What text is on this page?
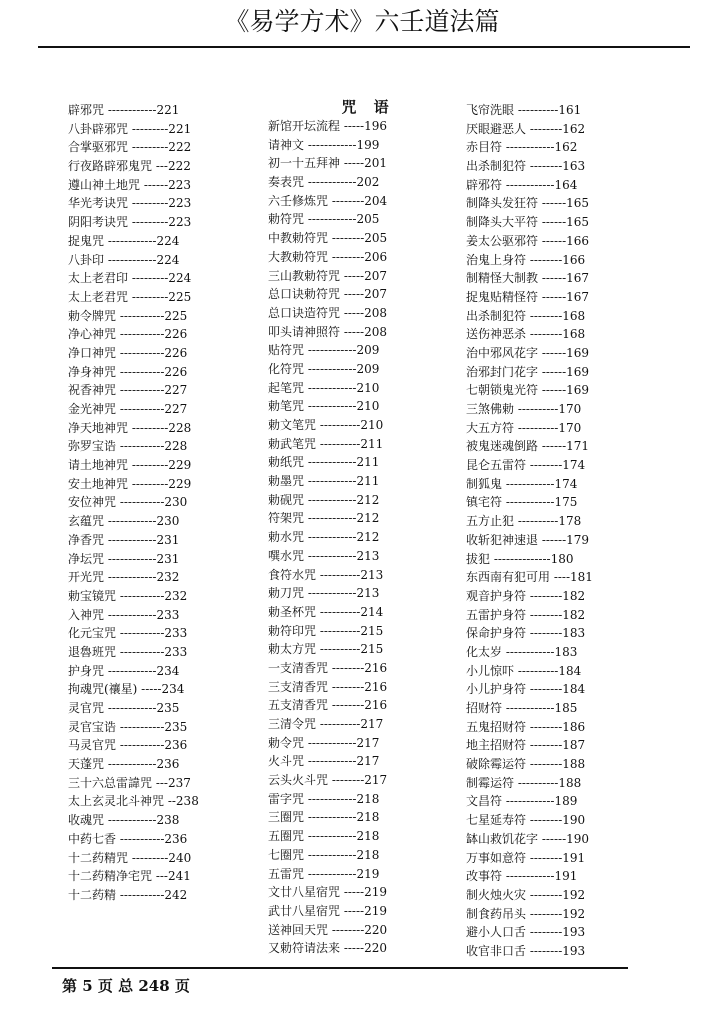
《易学方术》六壬道法篇
辟邪咒 ------------221
八卦辟邪咒 ---------221
合掌驱邪咒 ---------222
行夜路辟邪鬼咒 ---222
遵山神土地咒 ------223
华光考诀咒 ---------223
阴阳考诀咒 ---------223
捉鬼咒 ------------224
八卦印 ------------224
太上老君印 ---------224
太上老君咒 ---------225
勅令牌咒 -----------225
净心神咒 -----------226
净口神咒 -----------226
净身神咒 -----------226
祝香神咒 -----------227
金光神咒 -----------227
净天地神咒 ---------228
弥罗宝诰 -----------228
请土地神咒 ---------229
安土地神咒 ---------229
安位神咒 -----------230
玄蕴咒 ------------230
净香咒 ------------231
净坛咒 ------------231
开光咒 ------------232
勅宝镜咒 -----------232
入神咒 ------------233
化元宝咒 -----------233
退魯班咒 -----------233
护身咒 ------------234
拘魂咒(禳星) -----234
灵官咒 ------------235
灵官宝诰 -----------235
马灵官咒 -----------236
天蓬咒 ------------236
三十六总雷諱咒 ---237
太上玄灵北斗神咒 --238
收魂咒 ------------238
中药七香 -----------236
十二药精咒 ---------240
十二药精净宅咒 ---241
十二药精 -----------242
咒 语
新馆开坛流程 -----196
请神文 ------------199
初一十五拜神 -----201
奏表咒 ------------202
六壬修炼咒 --------204
勅符咒 ------------205
中教勅符咒 --------205
大教勅符咒 --------206
三山教勅符咒 -----207
总口诀勅符咒 -----207
总口诀造符咒 -----208
叩头请神照符 -----208
贴符咒 ------------209
化符咒 ------------209
起笔咒 ------------210
勅笔咒 ------------210
勅文笔咒 ----------210
勅武笔咒 ----------211
勅纸咒 ------------211
勅墨咒 ------------211
勅砚咒 ------------212
符架咒 ------------212
勅水咒 ------------212
噀水咒 ------------213
食符水咒 ----------213
勅刀咒 ------------213
勅圣杯咒 ----------214
勅符印咒 ----------215
勅太方咒 ----------215
一支清香咒 --------216
三支清香咒 --------216
五支清香咒 --------216
三清令咒 ----------217
勅令咒 ------------217
火斗咒 ------------217
云头火斗咒 --------217
雷字咒 ------------218
三圈咒 ------------218
五圈咒 ------------218
七圈咒 ------------218
五雷咒 ------------219
文廿八星宿咒 -----219
武廿八星宿咒 -----219
送神回天咒 --------220
又勅符请法来 -----220
飞帘洗眼 ----------161
厌眼避恶人 --------162
赤目符 ------------162
出杀制犯符 --------163
辟邪符 ------------164
制降头发狂符 ------165
制降头大平符 ------165
姜太公驱邪符 ------166
治鬼上身符 --------166
制精怪大制教 ------167
捉鬼贴精怪符 ------167
出杀制犯符 --------168
送伤神恶杀 --------168
治中邪风花字 ------169
治邪封门花字 ------169
七朝锁鬼光符 ------169
三煞佛勅 ----------170
大五方符 ----------170
被鬼迷魂倒路 ------171
昆仑五雷符 --------174
制狐鬼 ------------174
镇宅符 ------------175
五方止犯 ----------178
收斩犯神速退 ------179
拔犯 --------------180
东西南有犯可用 ----181
观音护身符 --------182
五雷护身符 --------182
保命护身符 --------183
化太岁 ------------183
小儿惊吓 ----------184
小儿护身符 --------184
招财符 ------------185
五鬼招财符 --------186
地主招财符 --------187
破除霉运符 --------188
制霉运符 ----------188
文昌符 ------------189
七星延寿符 --------190
缽山救饥花字 ------190
万事如意符 --------191
改事符 ------------191
制火烛火灾 --------192
制食药吊头 --------192
避小人口舌 --------193
收官非口舌 --------193
第 5 页 总 248 页
